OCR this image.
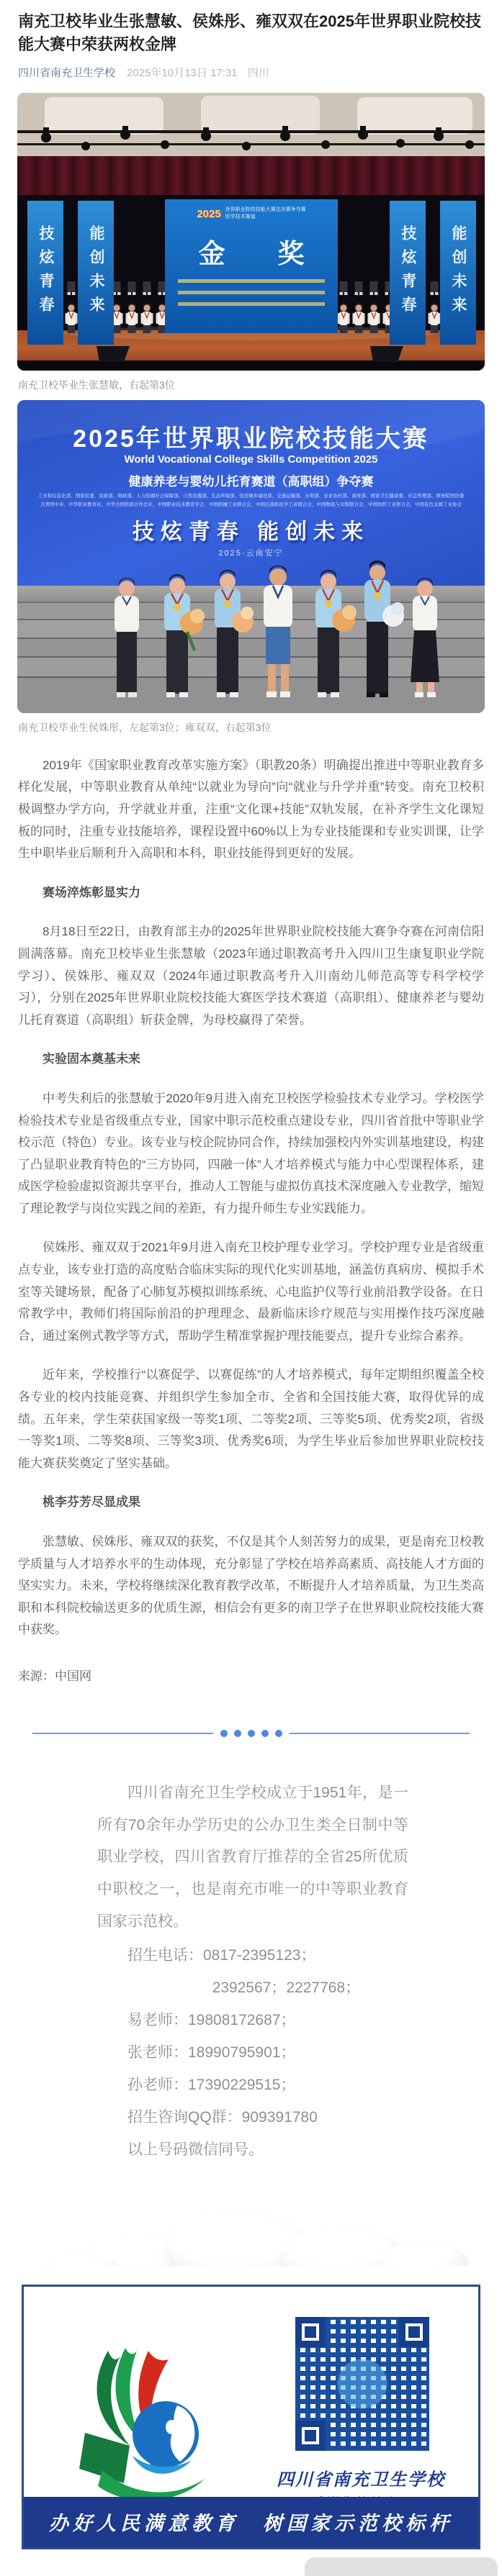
南充卫校毕业生张慧敏、侯姝彤、雍双双在2025年世界职业院校技能大赛中荣获两枚金牌
四川省南充卫生学校 2025年10月13日 17:31 四川
技炫青春 能创未来	技炫青春 能创未来
2025 世界职业院校技能大赛总决赛争夺赛
医学技术赛道
金　奖
南充卫校毕业生张慧敏，右起第3位
2025年世界职业院校技能大赛
World Vocational College Skills Competition 2025
健康养老与婴幼儿托育赛道（高职组）争夺赛
工业和信息化部、国家民委、民政部、财政部、人力资源社会保障部、自然资源部、生态环境部、住房城乡建设部、交通运输部、水利部、农业农村部、商务部、国家卫生健康委、应急管理部、国务院国资委
共青团中央、中华职业教育社、中华全国供销合作总社、中国职业技术教育学会、中国机械工业联合会、中国石油和化学工业联合会、中国物流与采购联合会、中国纺织工业联合会、中国有色金属工业协会
技炫青春 能创未来
2025·云南安宁
南充卫校毕业生侯姝彤，左起第3位；雍双双，右起第3位

2019年《国家职业教育改革实施方案》（职教20条）明确提出推进中等职业教育多样化发展，中等职业教育从单纯“以就业为导向”向“就业与升学并重”转变。南充卫校积极调整办学方向，升学就业并重，注重“文化课+技能”双轨发展，在补齐学生文化课短板的同时，注重专业技能培养，课程设置中60%以上为专业技能课和专业实训课，让学生中职毕业后顺利升入高职和本科，职业技能得到更好的发展。

赛场淬炼彰显实力

8月18日至22日，由教育部主办的2025年世界职业院校技能大赛争夺赛在河南信阳圆满落幕。南充卫校毕业生张慧敏（2023年通过职教高考升入四川卫生康复职业学院学习）、侯姝彤、雍双双（2024年通过职教高考升入川南幼儿师范高等专科学校学习），分别在2025年世界职业院校技能大赛医学技术赛道（高职组）、健康养老与婴幼儿托育赛道（高职组）斩获金牌，为母校赢得了荣誉。

实验固本奠基未来

中考失利后的张慧敏于2020年9月进入南充卫校医学检验技术专业学习。学校医学检验技术专业是省级重点专业，国家中职示范校重点建设专业，四川省首批中等职业学校示范（特色）专业。该专业与校企院协同合作，持续加强校内外实训基地建设，构建了凸显职业教育特色的“三方协同，四融一体”人才培养模式与能力中心型课程体系，建成医学检验虚拟资源共享平台，推动人工智能与虚拟仿真技术深度融入专业教学，缩短了理论教学与岗位实践之间的差距，有力提升师生专业实践能力。

侯姝彤、雍双双于2021年9月进入南充卫校护理专业学习。学校护理专业是省级重点专业，该专业打造的高度贴合临床实际的现代化实训基地，涵盖仿真病房、模拟手术室等关键场景，配备了心肺复苏模拟训练系统、心电监护仪等行业前沿教学设备。在日常教学中，教师们将国际前沿的护理理念、最新临床诊疗规范与实用操作技巧深度融合，通过案例式教学等方式，帮助学生精准掌握护理技能要点，提升专业综合素养。

近年来，学校推行“以赛促学、以赛促练”的人才培养模式，每年定期组织覆盖全校各专业的校内技能竞赛、并组织学生参加全市、全省和全国技能大赛，取得优异的成绩。五年来，学生荣获国家级一等奖1项、二等奖2项、三等奖5项、优秀奖2项，省级一等奖1项、二等奖8项、三等奖3项、优秀奖6项，为学生毕业后参加世界职业院校技能大赛获奖奠定了坚实基础。

桃李芬芳尽显成果

张慧敏、侯姝彤、雍双双的获奖，不仅是其个人刻苦努力的成果，更是南充卫校教学质量与人才培养水平的生动体现，充分彰显了学校在培养高素质、高技能人才方面的坚实实力。未来，学校将继续深化教育教学改革，不断提升人才培养质量，为卫生类高职和本科院校输送更多的优质生源，相信会有更多的南卫学子在世界职业院校技能大赛中获奖。

来源：中国网

四川省南充卫生学校成立于1951年，是一所有70余年办学历史的公办卫生类全日制中等职业学校，四川省教育厅推荐的全省25所优质中职校之一，也是南充市唯一的中等职业教育国家示范校。

招生电话：0817-2395123；
2392567；2227768；
易老师：19808172687；
张老师：18990795901；
孙老师：17390229515；
招生咨询QQ群：909391780
以上号码微信同号。
四川省南充卫生学校
办好人民满意教育　树国家示范校标杆
